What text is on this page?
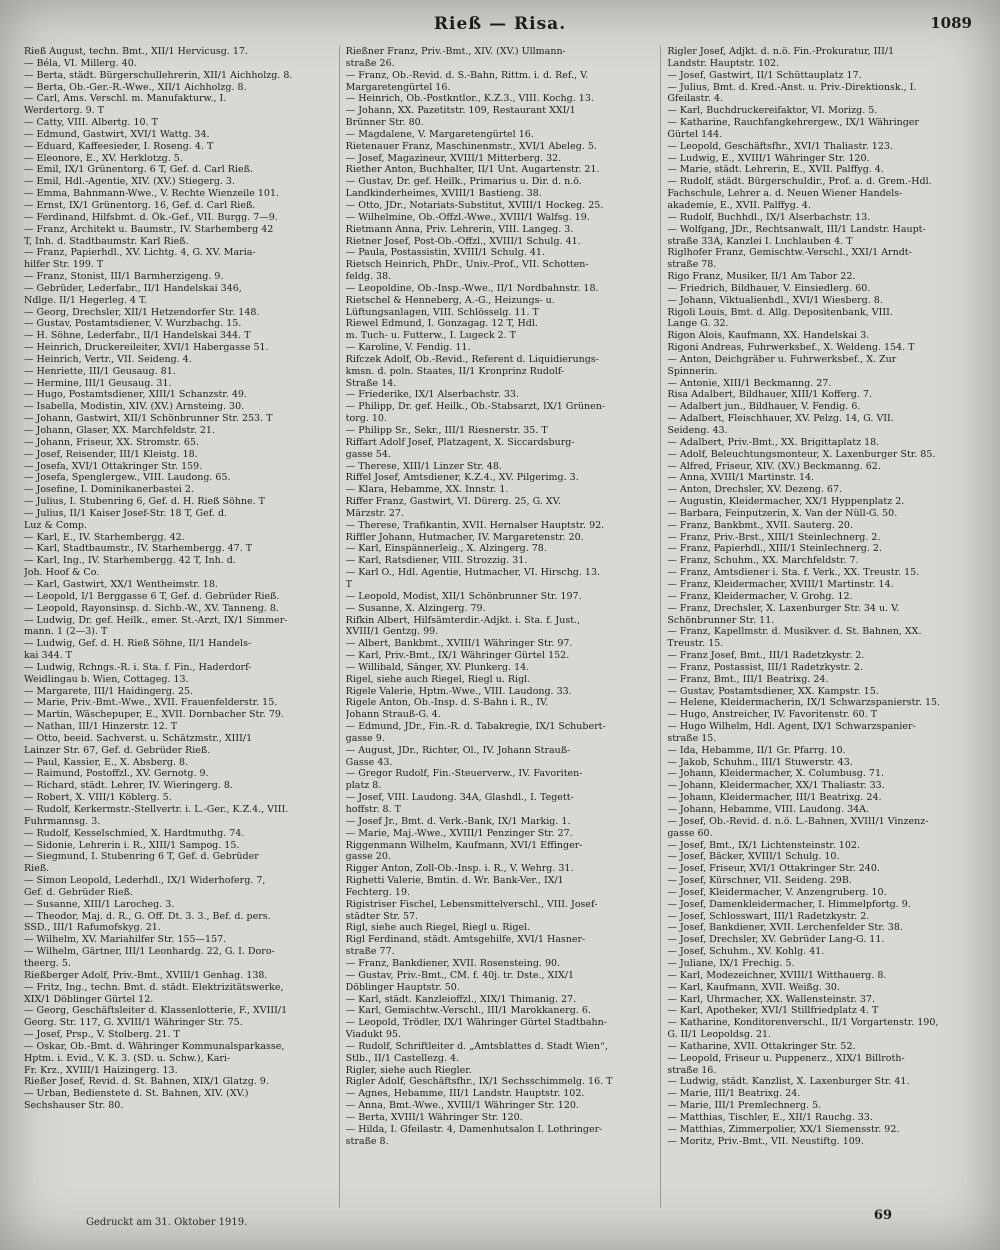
Rieß — Risa.	1089
Rieß August, techn. Bmt., XII/1 Hervicusg. 17.
— Béla, VI. Millerg. 40.
— Berta, städt. Bürgerschullehrerin, XII/1 Aichholzg. 8.
— Berta, Ob.-Ger.-R.-Wwe., XII/1 Aichholzg. 8.
— Carl, Ams. Verschl. m. Manufakturw., I.
Werdertorg. 9. T
— Catty, VIII. Albertg. 10. T
— Edmund, Gastwirt, XVI/1 Wattg. 34.
— Eduard, Kaffeesieder, I. Roseng. 4. T
— Eleonore, E., XV. Herklotzg. 5.
— Emil, IX/1 Grünentorg. 6 T, Gef. d. Carl Rieß.
— Emil, Hdl.-Agentie, XIV. (XV.) Stiegerg. 3.
— Emma, Bahnmann-Wwe., V. Rechte Wienzeile 101.
— Ernst, IX/1 Grünentorg. 16, Gef. d. Carl Rieß.
— Ferdinand, Hilfsbmt. d. Ök.-Gef., VII. Burgg. 7—9.
— Franz, Architekt u. Baumstr., IV. Starhemberg 42
T, Inh. d. Stadtbaumstr. Karl Rieß.
— Franz, Papierhdl., XV. Lichtg. 4, G. XV. Maria-
hilfer Str. 199. T
— Franz, Stonist, III/1 Barmherzigeng. 9.
— Gebrüder, Lederfabr., II/1 Handelskai 346,
Ndlge. II/1 Hegerleg. 4 T.
— Georg, Drechsler, XII/1 Hetzendorfer Str. 148.
— Gustav, Postamtsdiener, V. Wurzbachg. 15.
— H. Söhne, Lederfabr., II/1 Handelskai 344. T
— Heinrich, Druckereileiter, XVI/1 Habergasse 51.
— Heinrich, Vertr., VII. Seideng. 4.
— Henriette, III/1 Geusaug. 81.
— Hermine, III/1 Geusaug. 31.
— Hugo, Postamtsdiener, XIII/1 Schanzstr. 49.
— Isabella, Modistin, XIV. (XV.) Arnsteing. 30.
— Johann, Gastwirt, XII/1 Schönbrunner Str. 253. T
— Johann, Glaser, XX. Marchfeldstr. 21.
— Johann, Friseur, XX. Stromstr. 65.
— Josef, Reisender, III/1 Kleistg. 18.
— Josefa, XVI/1 Ottakringer Str. 159.
— Josefa, Spenglergew., VIII. Laudong. 65.
— Josefine, I. Dominikanerbastei 2.
— Julius, I. Stubenring 6, Gef. d. H. Rieß Söhne. T
— Julius, II/1 Kaiser Josef-Str. 18 T, Gef. d.
Luz & Comp.
— Karl, E., IV. Starhembergg. 42.
— Karl, Stadtbaumstr., IV. Starhembergg. 47. T
— Karl, Ing., IV. Starhembergg. 42 T, Inh. d.
Joh. Hoof & Co.
— Karl, Gastwirt, XX/1 Wentheimstr. 18.
— Leopold, I/1 Berggasse 6 T, Gef. d. Gebrüder Rieß.
— Leopold, Rayonsinsp. d. Sichb.-W., XV. Tanneng. 8.
— Ludwig, Dr. gef. Heilk., emer. St.-Arzt, IX/1 Simmer-
mann. 1 (2—3). T
— Ludwig, Gef. d. H. Rieß Söhne, II/1 Handels-
kai 344. T
— Ludwig, Rchngs.-R. i. Sta. f. Fin., Haderdorf-
Weidlingau b. Wien, Cottageg. 13.
— Margarete, III/1 Haidingerg. 25.
— Marie, Priv.-Bmt.-Wwe., XVII. Frauenfelderstr. 15.
— Martin, Wäschepuper, E., XVII. Dornbacher Str. 79.
— Nathan, III/1 Hinzerstr. 12. T
— Otto, beeid. Sachverst. u. Schätzmstr., XIII/1
Lainzer Str. 67, Gef. d. Gebrüder Rieß.
— Paul, Kassier, E., X. Absberg. 8.
— Raimund, Postoffzl., XV. Gernotg. 9.
— Richard, städt. Lehrer, IV. Wieringerg. 8.
— Robert, X. VIII/1 Köblerg. 5.
— Rudolf, Kerkermstr.-Stellvertr. i. L.-Ger., K.Z.4., VIII.
Fuhrmannsg. 3.
— Rudolf, Kesselschmied, X. Hardtmuthg. 74.
— Sidonie, Lehrerin i. R., XIII/1 Sampog. 15.
— Siegmund, I. Stubenring 6 T, Gef. d. Gebrüder
Rieß.
— Simon Leopold, Lederhdl., IX/1 Widerhoferg. 7,
Gef. d. Gebrüder Rieß.
— Susanne, XIII/1 Larocheg. 3.
— Theodor, Maj. d. R., G. Off. Dt. 3. 3., Bef. d. pers.
SSD., III/1 Rafumofskyg. 21.
— Wilhelm, XV. Mariahilfer Str. 155—157.
— Wilhelm, Gärtner, III/1 Leonhardg. 22, G. I. Doro-
theerg. 5.
Rießberger Adolf, Priv.-Bmt., XVIII/1 Genhag. 138.
— Fritz, Ing., techn. Bmt. d. städt. Elektrizitätswerke,
XIX/1 Döblinger Gürtel 12.
— Georg, Geschäftsleiter d. Klassenlotterie, F., XVIII/1
Georg. Str. 117, G. XVIII/1 Währinger Str. 75.
— Josef, Prsp., V. Stolberg. 21. T
— Oskar, Ob.-Bmt. d. Währinger Kommunalsparkasse,
Hptm. i. Evid., V. K. 3. (SD. u. Schw.), Kari-
Fr. Krz., XVIII/1 Haizingerg. 13.
Rießer Josef, Revid. d. St. Bahnen, XIX/1 Glatzg. 9.
— Urban, Bedienstete d. St. Bahnen, XIV. (XV.)
Sechshauser Str. 80.
Rießner Franz, Priv.-Bmt., XIV. (XV.) Ullmann-
straße 26.
— Franz, Ob.-Revid. d. S.-Bahn, Rittm. i. d. Ref., V.
Margaretengürtel 16.
— Heinrich, Ob.-Postkntlor., K.Z.3., VIII. Kochg. 13.
— Johann, XX. Pazetitstr. 109, Restaurant XXI/1
Brünner Str. 80.
— Magdalene, V. Margaretengürtel 16.
Rietenauer Franz, Maschinenmstr., XVI/1 Abeleg. 5.
— Josef, Magazineur, XVIII/1 Mitterberg. 32.
Riether Anton, Buchhalter, II/1 Unt. Augartenstr. 21.
— Gustav, Dr. gef. Heilk., Primarius u. Dir. d. n.ö.
Landkinderheimes, XVIII/1 Bastieng. 38.
— Otto, JDr., Notariats-Substitut, XVIII/1 Hockeg. 25.
— Wilhelmine, Ob.-Offzl.-Wwe., XVIII/1 Walfsg. 19.
Rietmann Anna, Priv. Lehrerin, VIII. Langeg. 3.
Rietner Josef, Post-Ob.-Offzl., XVIII/1 Schulg. 41.
— Paula, Postassistin, XVIII/1 Schulg. 41.
Rietsch Heinrich, PhDr., Univ.-Prof., VII. Schotten-
feldg. 38.
— Leopoldine, Ob.-Insp.-Wwe., II/1 Nordbahnstr. 18.
Rietschel & Henneberg, A.-G., Heizungs- u.
Lüftungsanlagen, VIII. Schlösselg. 11. T
Riewel Edmund, I. Gonzagag. 12 T, Hdl.
m. Tuch- u. Futterw., I. Lugeck 2. T
— Karoline, V. Fendig. 11.
Rifczek Adolf, Ob.-Revid., Referent d. Liquidierungs-
kmsn. d. poln. Staates, II/1 Kronprinz Rudolf-
Straße 14.
— Friederike, IX/1 Alserbachstr. 33.
— Philipp, Dr. gef. Heilk., Ob.-Stabsarzt, IX/1 Grünen-
torg. 10.
— Philipp Sr., Sekr., III/1 Riesnerstr. 35. T
Riffart Adolf Josef, Platzagent, X. Siccardsburg-
gasse 54.
— Therese, XIII/1 Linzer Str. 48.
Riffel Josef, Amtsdiener, K.Z.4., XV. Pilgerimg. 3.
— Klara, Hebamme, XX. Innstr. 1.
Riffer Franz, Gastwirt, VI. Dürerg. 25, G. XV.
Märzstr. 27.
— Therese, Trafikantin, XVII. Hernalser Hauptstr. 92.
Riffler Johann, Hutmacher, IV. Margaretenstr. 20.
— Karl, Einspännerleig., X. Alzingerg. 78.
— Karl, Ratsdiener, VIII. Strozzig. 31.
— Karl O., Hdl. Agentie, Hutmacher, VI. Hirschg. 13.
T
— Leopold, Modist, XII/1 Schönbrunner Str. 197.
— Susanne, X. Alzingerg. 79.
Rifkin Albert, Hilfsämterdir.-Adjkt. i. Sta. f. Just.,
XVIII/1 Gentzg. 99.
— Albert, Bankbmt., XVIII/1 Währinger Str. 97.
— Karl, Priv.-Bmt., IX/1 Währinger Gürtel 152.
— Willibald, Sänger, XV. Plunkerg. 14.
Rigel, siehe auch Riegel, Riegl u. Rigl.
Rigele Valerie, Hptm.-Wwe., VIII. Laudong. 33.
Rigele Anton, Ob.-Insp. d. S-Bahn i. R., IV.
Johann Strauß-G. 4.
— Edmund, JDr., Fin.-R. d. Tabakregie, IX/1 Schubert-
gasse 9.
— August, JDr., Richter, Ol., IV. Johann Strauß-
Gasse 43.
— Gregor Rudolf, Fin.-Steuerverw., IV. Favoriten-
platz 8.
— Josef, VIII. Laudong. 34A, Glashdl., I. Tegett-
hoffstr. 8. T
— Josef Jr., Bmt. d. Verk.-Bank, IX/1 Markig. 1.
— Marie, Maj.-Wwe., XVIII/1 Penzinger Str. 27.
Riggenmann Wilhelm, Kaufmann, XVI/1 Effinger-
gasse 20.
Rigger Anton, Zoll-Ob.-Insp. i. R., V. Wehrg. 31.
Righetti Valerie, Bmtin. d. Wr. Bank-Ver., IX/1
Fechterg. 19.
Rigistriser Fischel, Lebensmittelverschl., VIII. Josef-
städter Str. 57.
Rigl, siehe auch Riegel, Riegl u. Rigel.
Rigl Ferdinand, städt. Amtsgehilfe, XVI/1 Hasner-
straße 77.
— Franz, Bankdiener, XVII. Rosensteing. 90.
— Gustav, Priv.-Bmt., CM. f. 40j. tr. Dste., XIX/1
Döblinger Hauptstr. 50.
— Karl, städt. Kanzleioffzl., XIX/1 Thimanig. 27.
— Karl, Gemischtw.-Verschl., III/1 Marokkanerg. 6.
— Leopold, Trödler, IX/1 Währinger Gürtel Stadtbahn-
Viadukt 95.
— Rudolf, Schriftleiter d. „Amtsblattes d. Stadt Wien“,
Stlb., II/1 Castellezg. 4.
Rigler, siehe auch Riegler.
Rigler Adolf, Geschäftsfhr., IX/1 Sechsschimmelg. 16. T
— Agnes, Hebamme, III/1 Landstr. Hauptstr. 102.
— Anna, Bmt.-Wwe., XVIII/1 Währinger Str. 120.
— Berta, XVIII/1 Währinger Str. 120.
— Hilda, I. Gfeilastr. 4, Damenhutsalon I. Lothringer-
straße 8.
Rigler Josef, Adjkt. d. n.ö. Fin.-Prokuratur, III/1
Landstr. Hauptstr. 102.
— Josef, Gastwirt, II/1 Schüttauplatz 17.
— Julius, Bmt. d. Kred.-Anst. u. Priv.-Direktionsk., I.
Gfeilastr. 4.
— Karl, Buchdruckereifaktor, VI. Morizg. 5.
— Katharine, Rauchfangkehrergew., IX/1 Währinger
Gürtel 144.
— Leopold, Geschäftsfhr., XVI/1 Thaliastr. 123.
— Ludwig, E., XVIII/1 Währinger Str. 120.
— Marie, städt. Lehrerin, E., XVII. Palffyg. 4.
— Rudolf, städt. Bürgerschuldir., Prof. a. d. Grem.-Hdl.
Fachschule, Lehrer a. d. Neuen Wiener Handels-
akademie, E., XVII. Palffyg. 4.
— Rudolf, Buchhdl., IX/1 Alserbachstr. 13.
— Wolfgang, JDr., Rechtsanwalt, III/1 Landstr. Haupt-
straße 33A, Kanzlei I. Luchlauben 4. T
Riglhofer Franz, Gemischtw.-Verschl., XXI/1 Arndt-
straße 78.
Rigo Franz, Musiker, II/1 Am Tabor 22.
— Friedrich, Bildhauer, V. Einsiedlerg. 60.
— Johann, Viktualienhdl., XVI/1 Wiesberg. 8.
Rigoli Louis, Bmt. d. Allg. Depositenbank, VIII.
Lange G. 32.
Rigon Alois, Kaufmann, XX. Handelskai 3.
Rigoni Andreas, Fuhrwerksbef., X. Weldeng. 154. T
— Anton, Deichgräber u. Fuhrwerksbef., X. Zur
Spinnerin.
— Antonie, XIII/1 Beckmanng. 27.
Risa Adalbert, Bildhauer, XIII/1 Kofferg. 7.
— Adalbert jun., Bildhauer, V. Fendig. 6.
— Adalbert, Fleischhauer, XV. Pelzg. 14, G. VII.
Seideng. 43.
— Adalbert, Priv.-Bmt., XX. Brigittaplatz 18.
— Adolf, Beleuchtungsmonteur, X. Laxenburger Str. 85.
— Alfred, Friseur, XIV. (XV.) Beckmanng. 62.
— Anna, XVIII/1 Martinstr. 14.
— Anton, Drechsler, XV. Dezeng. 67.
— Augustin, Kleidermacher, XX/1 Hyppenplatz 2.
— Barbara, Feinputzerin, X. Van der Nüll-G. 50.
— Franz, Bankbmt., XVII. Sauterg. 20.
— Franz, Priv.-Brst., XIII/1 Steinlechnerg. 2.
— Franz, Papierhdl., XIII/1 Steinlechnerg. 2.
— Franz, Schuhm., XX. Marchfeldstr. 7.
— Franz, Amtsdiener i. Sta. f. Verk., XX. Treustr. 15.
— Franz, Kleidermacher, XVIII/1 Martinstr. 14.
— Franz, Kleidermacher, V. Grohg. 12.
— Franz, Drechsler, X. Laxenburger Str. 34 u. V.
Schönbrunner Str. 11.
— Franz, Kapellmstr. d. Musikver. d. St. Bahnen, XX.
Treustr. 15.
— Franz Josef, Bmt., III/1 Radetzkystr. 2.
— Franz, Postassist, III/1 Radetzkystr. 2.
— Franz, Bmt., III/1 Beatrixg. 24.
— Gustav, Postamtsdiener, XX. Kampstr. 15.
— Helene, Kleidermacherin, IX/1 Schwarzspanierstr. 15.
— Hugo, Anstreicher, IV. Favoritenstr. 60. T
— Hugo Wilhelm, Hdl. Agent, IX/1 Schwarzspanier-
straße 15.
— Ida, Hebamme, II/1 Gr. Pfarrg. 10.
— Jakob, Schuhm., III/1 Stuwerstr. 43.
— Johann, Kleidermacher, X. Columbusg. 71.
— Johann, Kleidermacher, XX/1 Thaliastr. 33.
— Johann, Kleidermacher, III/1 Beatrixg. 24.
— Johann, Hebamme, VIII. Laudong. 34A.
— Josef, Ob.-Revid. d. n.ö. L.-Bahnen, XVIII/1 Vinzenz-
gasse 60.
— Josef, Bmt., IX/1 Lichtensteinstr. 102.
— Josef, Bäcker, XVIII/1 Schulg. 10.
— Josef, Friseur, XVI/1 Ottakringer Str. 240.
— Josef, Kürschner, VII. Seideng. 29B.
— Josef, Kleidermacher, V. Anzengruberg. 10.
— Josef, Damenkleidermacher, I. Himmelpfortg. 9.
— Josef, Schlosswart, III/1 Radetzkystr. 2.
— Josef, Bankdiener, XVII. Lerchenfelder Str. 38.
— Josef, Drechsler, XV. Gebrüder Lang-G. 11.
— Josef, Schuhm., XV. Kohlg. 41.
— Juliane, IX/1 Frechig. 5.
— Karl, Modezeichner, XVIII/1 Witthauerg. 8.
— Karl, Kaufmann, XVII. Weißg. 30.
— Karl, Uhrmacher, XX. Wallensteinstr. 37.
— Karl, Apotheker, XVI/1 Stillfriedplatz 4. T
— Katharine, Konditorenverschl., II/1 Vorgartenstr. 190,
G. II/1 Leopoldsg. 21.
— Katharine, XVII. Ottakringer Str. 52.
— Leopold, Friseur u. Puppenerz., XIX/1 Billroth-
straße 16.
— Ludwig, städt. Kanzlist, X. Laxenburger Str. 41.
— Marie, III/1 Beatrixg. 24.
— Marie, III/1 Premlechnerg. 5.
— Matthias, Tischler, E., XII/1 Rauchg. 33.
— Matthias, Zimmerpolier, XX/1 Siemensstr. 92.
— Moritz, Priv.-Bmt., VII. Neustiftg. 109.
Gedruckt am 31. Oktober 1919.	69
